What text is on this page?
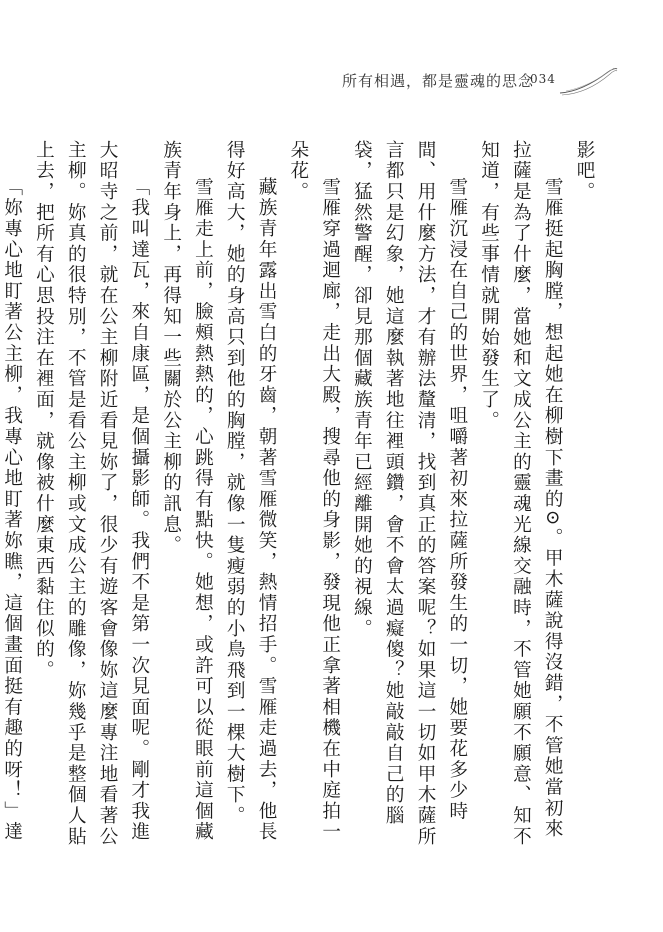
所有相遇，都是靈魂的思念
034

影吧。

雪雁挺起胸膛，想起她在柳樹下畫的⊙。甲木薩說得沒錯，不管她當初來拉薩是為了什麼，當她和文成公主的靈魂光線交融時，不管她願不願意、知不知道，有些事情就開始發生了。

雪雁沉浸在自己的世界，咀嚼著初來拉薩所發生的一切，她要花多少時間、用什麼方法，才有辦法釐清，找到真正的答案呢？如果這一切如甲木薩所言都只是幻象，她這麼執著地往裡頭鑽，會不會太過癡傻？她敲敲自己的腦袋，猛然警醒，卻見那個藏族青年已經離開她的視線。

雪雁穿過迴廊，走出大殿，搜尋他的身影，發現他正拿著相機在中庭拍一朵花。

藏族青年露出雪白的牙齒，朝著雪雁微笑，熱情招手。雪雁走過去，他長得好高大，她的身高只到他的胸膛，就像一隻瘦弱的小鳥飛到一棵大樹下。

雪雁走上前，臉頰熱熱的，心跳得有點快。她想，或許可以從眼前這個藏族青年身上，再得知一些關於公主柳的訊息。

「我叫達瓦，來自康區，是個攝影師。我們不是第一次見面呢。剛才我進大昭寺之前，就在公主柳附近看見妳了，很少有遊客會像妳這麼專注地看著公主柳。妳真的很特別，不管是看公主柳或文成公主的雕像，妳幾乎是整個人貼上去，把所有心思投注在裡面，就像被什麼東西黏住似的。

「妳專心地盯著公主柳，我專心地盯著妳瞧，這個畫面挺有趣的呀！」達
